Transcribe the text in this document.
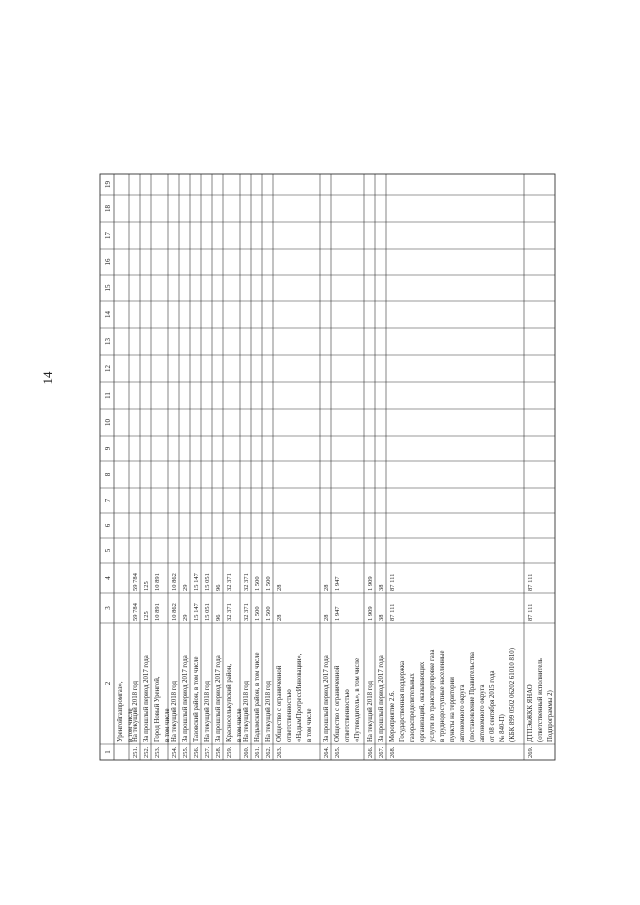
14
1
2
3
4
5
6
7
8
9
10
11
12
13
14
15
16
17
18
19
Уренгойгазпромгаз», в том числе
251.
На текущий 2018 год
59 784
59 784
252.
За прошлый период 2017 года
125
125
253.
Город Новый Уренгой, в том числе
10 891
10 891
254.
На текущий 2018 год
10 862
10 862
255.
За прошлый период 2017 года
29
29
256.
Тазовский район, в том числе
15 147
15 147
257.
На текущий 2018 год
15 051
15 051
258.
За прошлый период 2017 года
96
96
259.
Красноселькупский район, в том числе
32 371
32 371
260.
На текущий 2018 год
32 371
32 371
261.
Надымский район, в том числе
1 500
1 500
262.
На текущий 2018 год
1 500
1 500
263.
Общество с ограниченной ответственностью «НадымПрогрессИнновации», в том числе
28
28
264.
За прошлый период 2017 года
28
28
265.
Общество с ограниченной ответственностью «Путеводитель», в том числе
1 947
1 947
266.
На текущий 2018 год
1 909
1 909
267.
За прошлый период 2017 года
38
38
268.
Мероприятие 2.6. Государственная поддержка газораспределительных организаций, оказывающих услуги по транспортировке газа в труднодоступные населенные пункты на территории автономного округа (постановление Правительства автономного округа от 08 сентября 2015 года № 840-П) (КБК 899 0502 06202 61010 810)
87 111
87 111
269.
ДТПЭиЖКК ЯНАО (ответственный исполнитель Подпрограммы 2)
87 111
87 111
